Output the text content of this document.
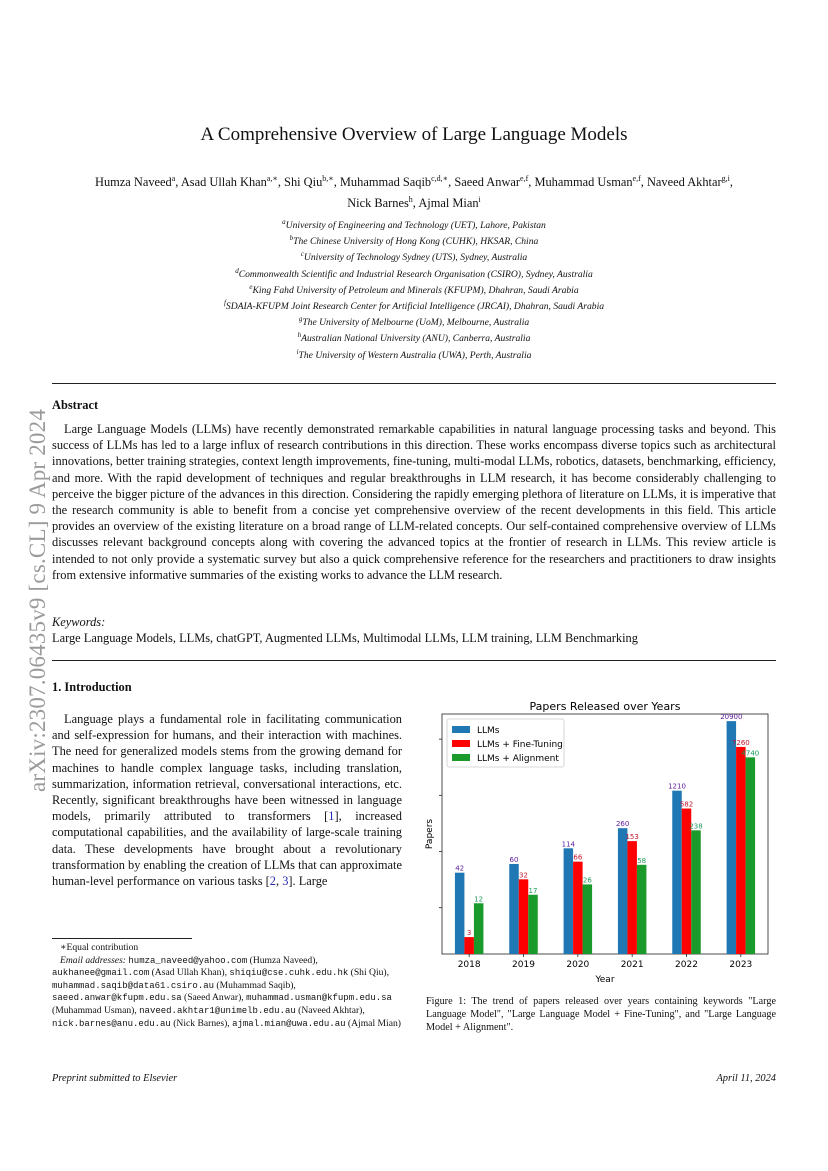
arXiv:2307.06435v9 [cs.CL] 9 Apr 2024
A Comprehensive Overview of Large Language Models
Humza Naveed$^a$, Asad Ullah Khan$^{a,∗}$, Shi Qiu$^{b,∗}$, Muhammad Saqib$^{c,d,∗}$, Saeed Anwar$^{e,f}$, Muhammad Usman$^{e,f}$, Naveed Akhtar$^{g,i}$,
Nick Barnes$^h$, Ajmal Mian$^i$
$^a$University of Engineering and Technology (UET), Lahore, Pakistan
$^b$The Chinese University of Hong Kong (CUHK), HKSAR, China
$^c$University of Technology Sydney (UTS), Sydney, Australia
$^d$Commonwealth Scientific and Industrial Research Organisation (CSIRO), Sydney, Australia
$^e$King Fahd University of Petroleum and Minerals (KFUPM), Dhahran, Saudi Arabia
$^f$SDAIA-KFUPM Joint Research Center for Artificial Intelligence (JRCAI), Dhahran, Saudi Arabia
$^g$The University of Melbourne (UoM), Melbourne, Australia
$^h$Australian National University (ANU), Canberra, Australia
$^i$The University of Western Australia (UWA), Perth, Australia
Abstract
Large Language Models (LLMs) have recently demonstrated remarkable capabilities in natural language processing tasks and beyond. This success of LLMs has led to a large influx of research contributions in this direction. These works encompass diverse topics such as architectural innovations, better training strategies, context length improvements, fine-tuning, multi-modal LLMs, robotics, datasets, benchmarking, efficiency, and more. With the rapid development of techniques and regular breakthroughs in LLM research, it has become considerably challenging to perceive the bigger picture of the advances in this direction. Considering the rapidly emerging plethora of literature on LLMs, it is imperative that the research community is able to benefit from a concise yet comprehensive overview of the recent developments in this field. This article provides an overview of the existing literature on a broad range of LLM-related concepts. Our self-contained comprehensive overview of LLMs discusses relevant background concepts along with covering the advanced topics at the frontier of research in LLMs. This review article is intended to not only provide a systematic survey but also a quick comprehensive reference for the researchers and practitioners to draw insights from extensive informative summaries of the existing works to advance the LLM research.
Keywords:
Large Language Models, LLMs, chatGPT, Augmented LLMs, Multimodal LLMs, LLM training, LLM Benchmarking
1. Introduction
Language plays a fundamental role in facilitating communication and self-expression for humans, and their interaction with machines. The need for generalized models stems from the growing demand for machines to handle complex language tasks, including translation, summarization, information retrieval, conversational interactions, etc. Recently, significant breakthroughs have been witnessed in language models, primarily attributed to transformers [1], increased computational capabilities, and the availability of large-scale training data. These developments have brought about a revolutionary transformation by enabling the creation of LLMs that can approximate human-level performance on various tasks [2, 3]. Large
Papers Released over Years
Year
Papers
2018
42
3
12
2019
60
32
17
2020
114
66
26
2021
260
153
58
2022
1210
582
238
2023
20900
7260
4740
LLMs
LLMs + Fine-Tuning
LLMs + Alignment
Figure 1: The trend of papers released over years containing keywords "Large Language Model", "Large Language Model + Fine-Tuning", and "Large Language Model + Alignment".
∗Equal contribution
Email addresses: humza_naveed@yahoo.com (Humza Naveed), aukhanee@gmail.com (Asad Ullah Khan), shiqiu@cse.cuhk.edu.hk (Shi Qiu), muhammad.saqib@data61.csiro.au (Muhammad Saqib), saeed.anwar@kfupm.edu.sa (Saeed Anwar), muhammad.usman@kfupm.edu.sa (Muhammad Usman), naveed.akhtar1@unimelb.edu.au (Naveed Akhtar), nick.barnes@anu.edu.au (Nick Barnes), ajmal.mian@uwa.edu.au (Ajmal Mian)
Preprint submitted to Elsevier	April 11, 2024
